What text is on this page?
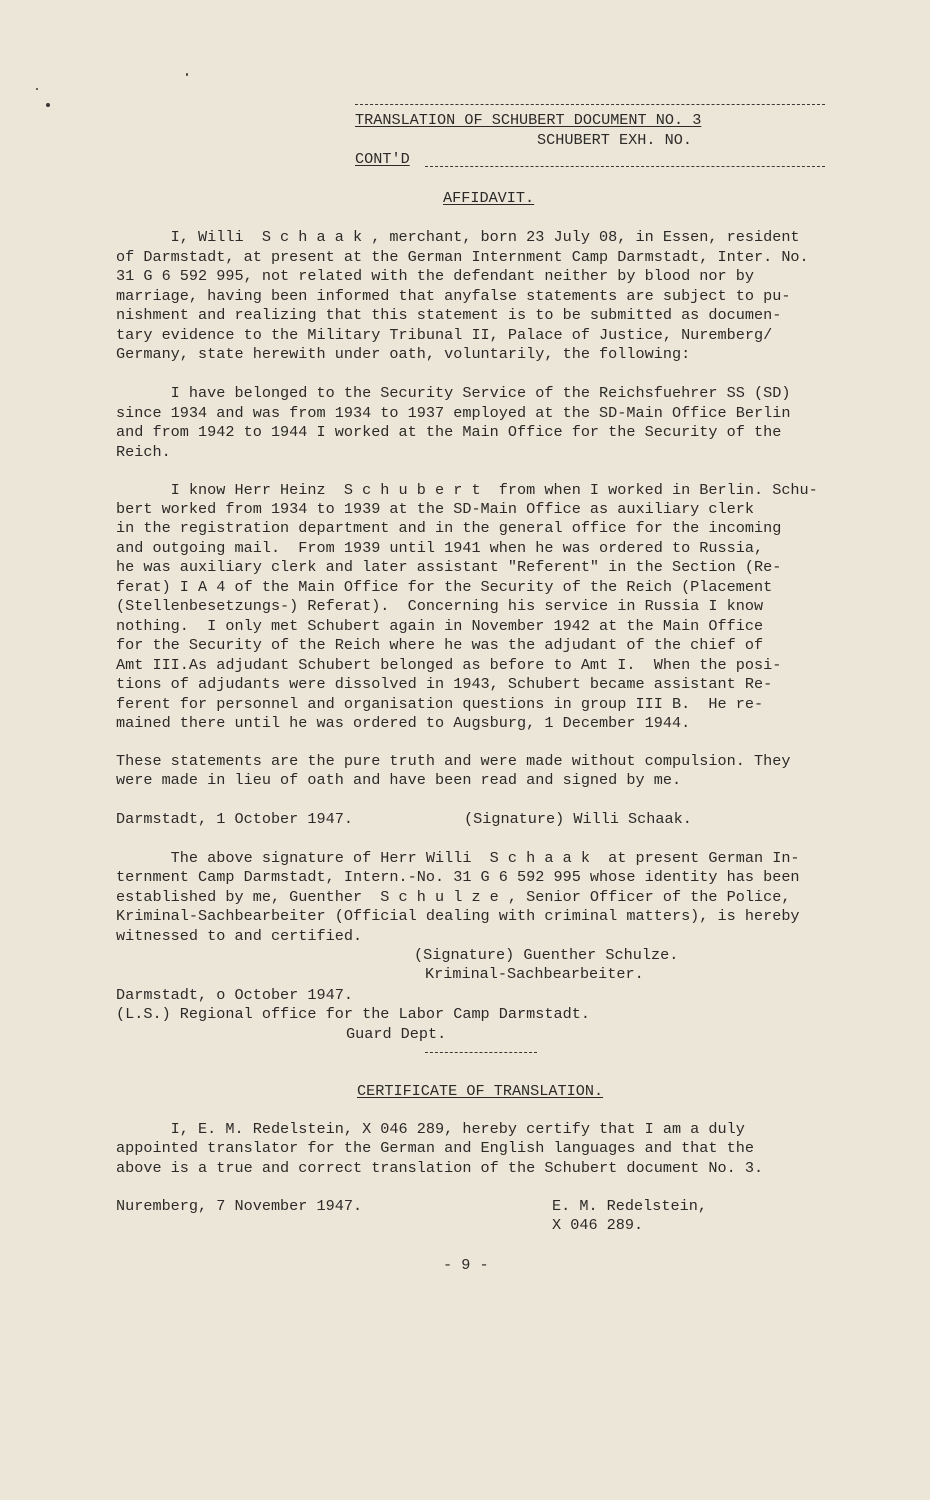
TRANSLATION OF SCHUBERT DOCUMENT NO. 3
SCHUBERT EXH. NO.
CONT'D
AFFIDAVIT.
I, Willi  S c h a a k , merchant, born 23 July 08, in Essen, resident
of Darmstadt, at present at the German Internment Camp Darmstadt, Inter. No.
31 G 6 592 995, not related with the defendant neither by blood nor by
marriage, having been informed that anyfalse statements are subject to pu-
nishment and realizing that this statement is to be submitted as documen-
tary evidence to the Military Tribunal II, Palace of Justice, Nuremberg/
Germany, state herewith under oath, voluntarily, the following:
I have belonged to the Security Service of the Reichsfuehrer SS (SD)
since 1934 and was from 1934 to 1937 employed at the SD-Main Office Berlin
and from 1942 to 1944 I worked at the Main Office for the Security of the
Reich.
I know Herr Heinz  S c h u b e r t  from when I worked in Berlin. Schu-
bert worked from 1934 to 1939 at the SD-Main Office as auxiliary clerk
in the registration department and in the general office for the incoming
and outgoing mail.  From 1939 until 1941 when he was ordered to Russia,
he was auxiliary clerk and later assistant "Referent" in the Section (Re-
ferat) I A 4 of the Main Office for the Security of the Reich (Placement
(Stellenbesetzungs-) Referat).  Concerning his service in Russia I know
nothing.  I only met Schubert again in November 1942 at the Main Office
for the Security of the Reich where he was the adjudant of the chief of
Amt III.As adjudant Schubert belonged as before to Amt I.  When the posi-
tions of adjudants were dissolved in 1943, Schubert became assistant Re-
ferent for personnel and organisation questions in group III B.  He re-
mained there until he was ordered to Augsburg, 1 December 1944.
These statements are the pure truth and were made without compulsion. They
were made in lieu of oath and have been read and signed by me.
Darmstadt, 1 October 1947.	(Signature) Willi Schaak.
The above signature of Herr Willi  S c h a a k  at present German In-
ternment Camp Darmstadt, Intern.-No. 31 G 6 592 995 whose identity has been
established by me, Guenther  S c h u l z e , Senior Officer of the Police,
Kriminal-Sachbearbeiter (Official dealing with criminal matters), is hereby
witnessed to and certified.
(Signature) Guenther Schulze.
Kriminal-Sachbearbeiter.
Darmstadt, o October 1947.
(L.S.) Regional office for the Labor Camp Darmstadt.
Guard Dept.
CERTIFICATE OF TRANSLATION.
I, E. M. Redelstein, X 046 289, hereby certify that I am a duly
appointed translator for the German and English languages and that the
above is a true and correct translation of the Schubert document No. 3.
Nuremberg, 7 November 1947.	E. M. Redelstein,
X 046 289.
- 9 -
